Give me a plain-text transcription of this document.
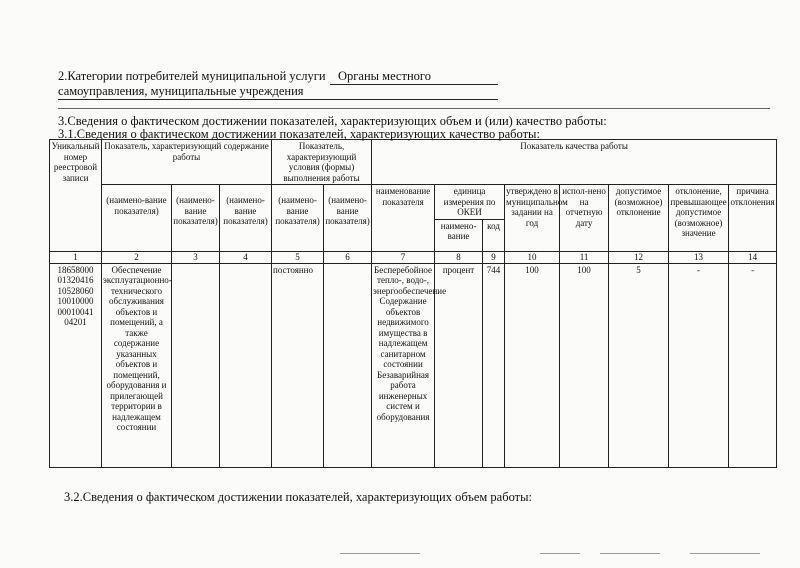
2.Категории потребителей муниципальной услуги Органы местного
самоуправления, муниципальные учреждения
3.Сведения о фактическом достижении показателей, характеризующих объем и (или) качество работы:
3.1.Сведения о фактическом достижении показателей, характеризующих качество работы:
Уникальный номер реестровой записи	Показатель, характеризующий содержание работы			Показатель, характеризующий условия (формы) выполнения работы		Показатель качества работы							
	(наимено-вание показателя)	(наимено-вание показателя)	(наимено-вание показателя)	(наимено-вание показателя)	(наимено-вание показателя)	наименование показателя	единица измерения по ОКЕИ		утверждено в муниципальном задании на год	испол-нено на отчетную дату	допустимое (возможное) отклонение	отклонение, превышающее допустимое (возможное) значение	причина отклонения
							наимено-вание	код					
1	2	3	4	5	6	7	8	9	10	11	12	13	14
18658000 01320416 10528060 10010000 00010041 04201	Обеспечение эксплуатационно-технического обслуживания объектов и помещений, а также содержание указанных объектов и помещений, оборудования и прилегающей территории в надлежащем состоянии			постоянно		Бесперебойное тепло-, водо-, энергообеспечение Содержание объектов недвижимого имущества в надлежащем санитарном состоянии Безаварийная работа инженерных систем и оборудования	процент	744	100	100	5	-	-
3.2.Сведения о фактическом достижении показателей, характеризующих объем работы:
